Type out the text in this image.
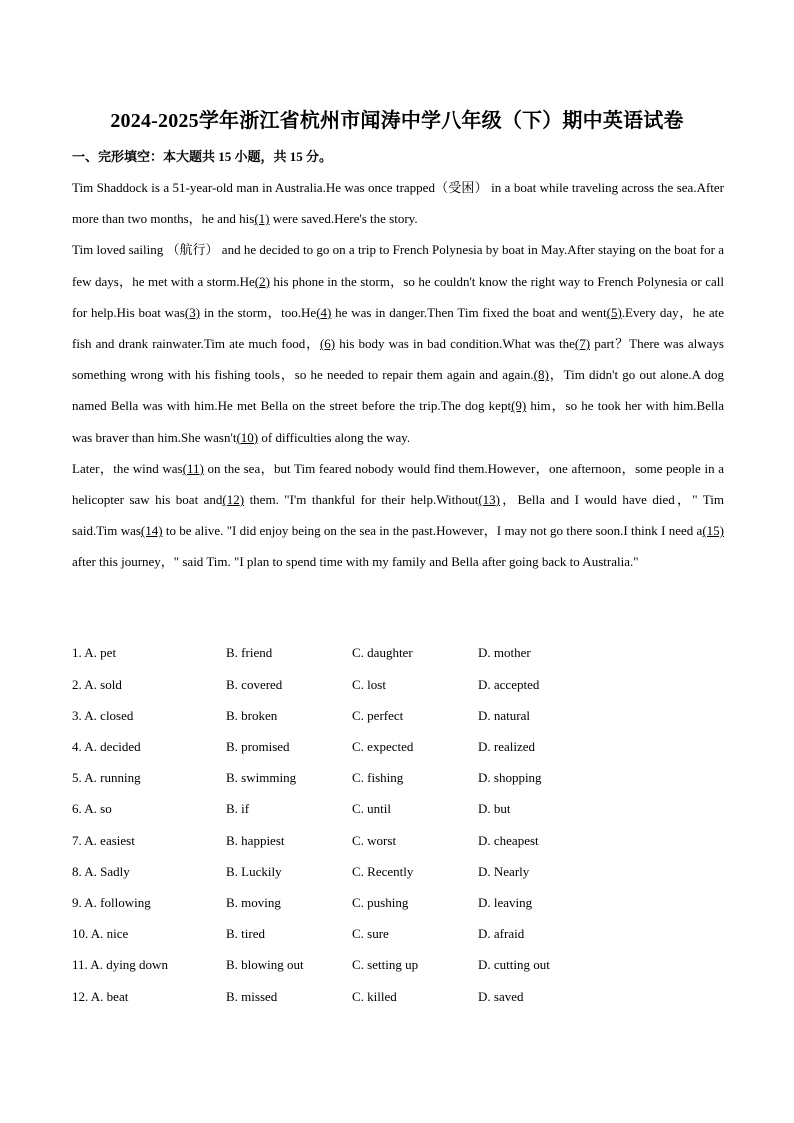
2024-2025学年浙江省杭州市闻涛中学八年级（下）期中英语试卷
一、完形填空：本大题共 15 小题，共 15 分。

Tim Shaddock is a 51-year-old man in Australia.He was once trapped（受困） in a boat while traveling across the sea.After more than two months，he and his(1) were saved.Here's the story.

Tim loved sailing （航行） and he decided to go on a trip to French Polynesia by boat in May.After staying on the boat for a few days，he met with a storm.He(2) his phone in the storm，so he couldn't know the right way to French Polynesia or call for help.His boat was(3) in the storm，too.He(4) he was in danger.Then Tim fixed the boat and went(5).Every day，he ate fish and drank rainwater.Tim ate much food，(6) his body was in bad condition.What was the(7) part？There was always something wrong with his fishing tools，so he needed to repair them again and again.(8)，Tim didn't go out alone.A dog named Bella was with him.He met Bella on the street before the trip.The dog kept(9) him，so he took her with him.Bella was braver than him.She wasn't(10) of difficulties along the way.

Later，the wind was(11) on the sea，but Tim feared nobody would find them.However，one afternoon，some people in a helicopter saw his boat and(12) them. "I'm thankful for their help.Without(13)，Bella and I would have died，" Tim said.Tim was(14) to be alive. "I did enjoy being on the sea in the past.However，I may not go there soon.I think I need a(15) after this journey，" said Tim. "I plan to spend time with my family and Bella after going back to Australia."

1. A. pet	B. friend	C. daughter	D. mother
2. A. sold	B. covered	C. lost	D. accepted
3. A. closed	B. broken	C. perfect	D. natural
4. A. decided	B. promised	C. expected	D. realized
5. A. running	B. swimming	C. fishing	D. shopping
6. A. so	B. if	C. until	D. but
7. A. easiest	B. happiest	C. worst	D. cheapest
8. A. Sadly	B. Luckily	C. Recently	D. Nearly
9. A. following	B. moving	C. pushing	D. leaving
10. A. nice	B. tired	C. sure	D. afraid
11. A. dying down	B. blowing out	C. setting up	D. cutting out
12. A. beat	B. missed	C. killed	D. saved
